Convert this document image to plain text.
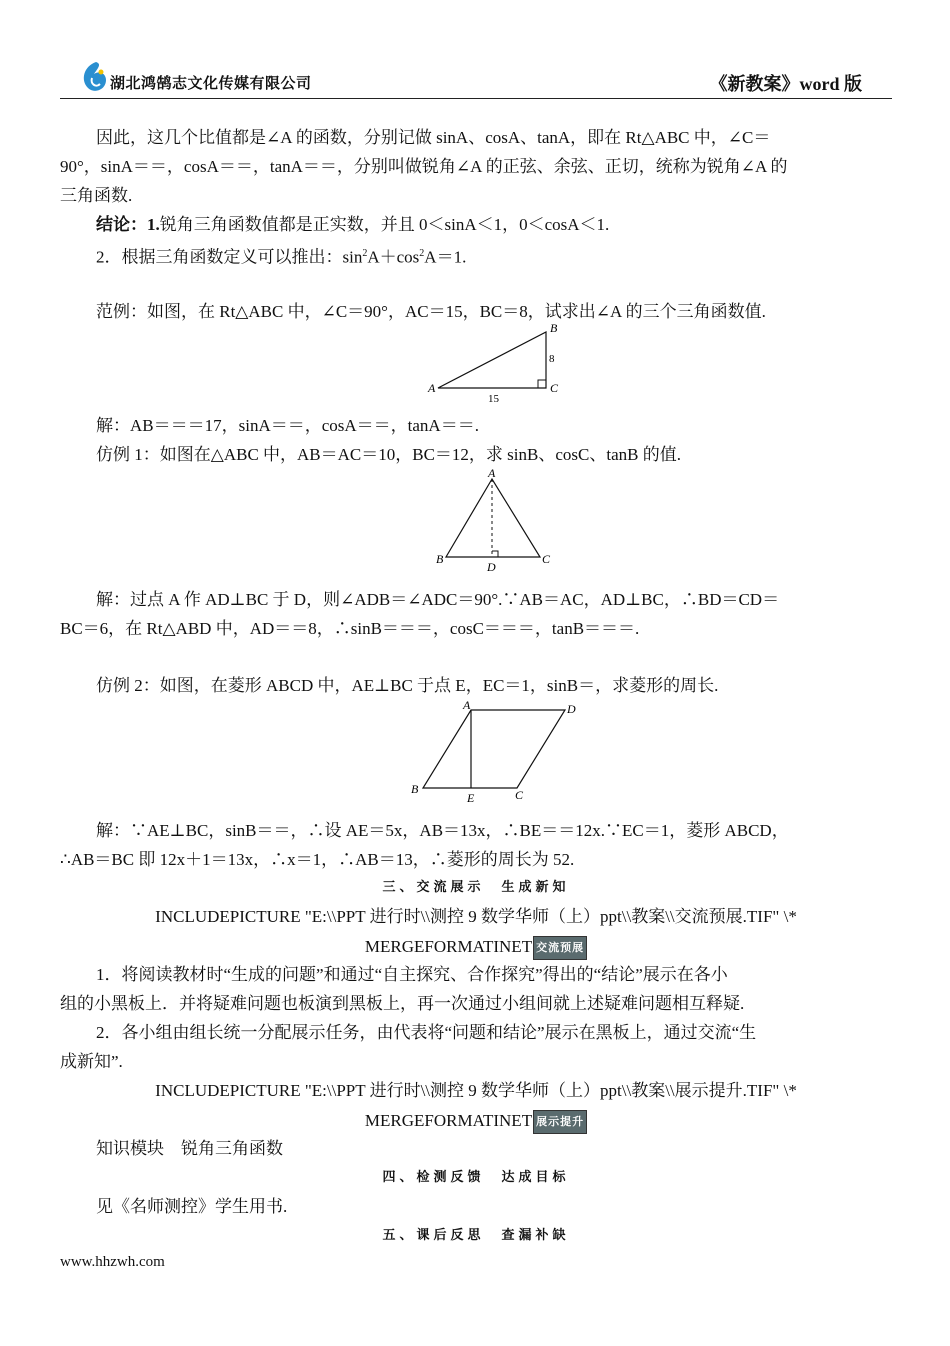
湖北鸿鹄志文化传媒有限公司	《新教案》word 版
因此，这几个比值都是∠A 的函数，分别记做 sinA、cosA、tanA，即在 Rt△ABC 中，∠C＝
90°，sinA＝＝，cosA＝＝，tanA＝＝，分别叫做锐角∠A 的正弦、余弦、正切，统称为锐角∠A 的
三角函数.
结论：1.锐角三角函数值都是正实数，并且 0＜sinA＜1，0＜cosA＜1.
2．根据三角函数定义可以推出：$\sin^2A+\cos^2A=1$.
范例：如图，在 Rt△ABC 中，∠C＝90°，AC＝15，BC＝8，试求出∠A 的三个三角函数值.
A
B
C
8
15
解：AB＝＝＝17，sinA＝＝，cosA＝＝，tanA＝＝.
仿例 1：如图在△ABC 中，AB＝AC＝10，BC＝12，求 sinB、cosC、tanB 的值.
A
B	C
D
解：过点 A 作 AD⊥BC 于 D，则∠ADB＝∠ADC＝90°.∵AB＝AC，AD⊥BC，∴BD＝CD＝
BC＝6，在 Rt△ABD 中，AD＝＝8，∴sinB＝＝＝，cosC＝＝＝，tanB＝＝＝.
仿例 2：如图，在菱形 ABCD 中，AE⊥BC 于点 E，EC＝1，sinB＝，求菱形的周长.
A	D
B
E	C
解：∵AE⊥BC，sinB＝＝，∴设 AE＝5x，AB＝13x，∴BE＝＝12x.∵EC＝1，菱形 ABCD，
∴AB＝BC 即 12x＋1＝13x，∴x＝1，∴AB＝13，∴菱形的周长为 52.
三、交流展示　生成新知
INCLUDEPICTURE "E:\\PPT 进行时\\测控 9 数学华师（上）ppt\\教案\\交流预展.TIF" \*
MERGEFORMATINET 交流预展
1．将阅读教材时“生成的问题”和通过“自主探究、合作探究”得出的“结论”展示在各小
组的小黑板上．并将疑难问题也板演到黑板上，再一次通过小组间就上述疑难问题相互释疑.
2．各小组由组长统一分配展示任务，由代表将“问题和结论”展示在黑板上，通过交流“生
成新知”.
INCLUDEPICTURE "E:\\PPT 进行时\\测控 9 数学华师（上）ppt\\教案\\展示提升.TIF" \*
MERGEFORMATINET 展示提升
知识模块　锐角三角函数
四、检测反馈　达成目标
见《名师测控》学生用书.
五、课后反思　查漏补缺
www.hhzwh.com
